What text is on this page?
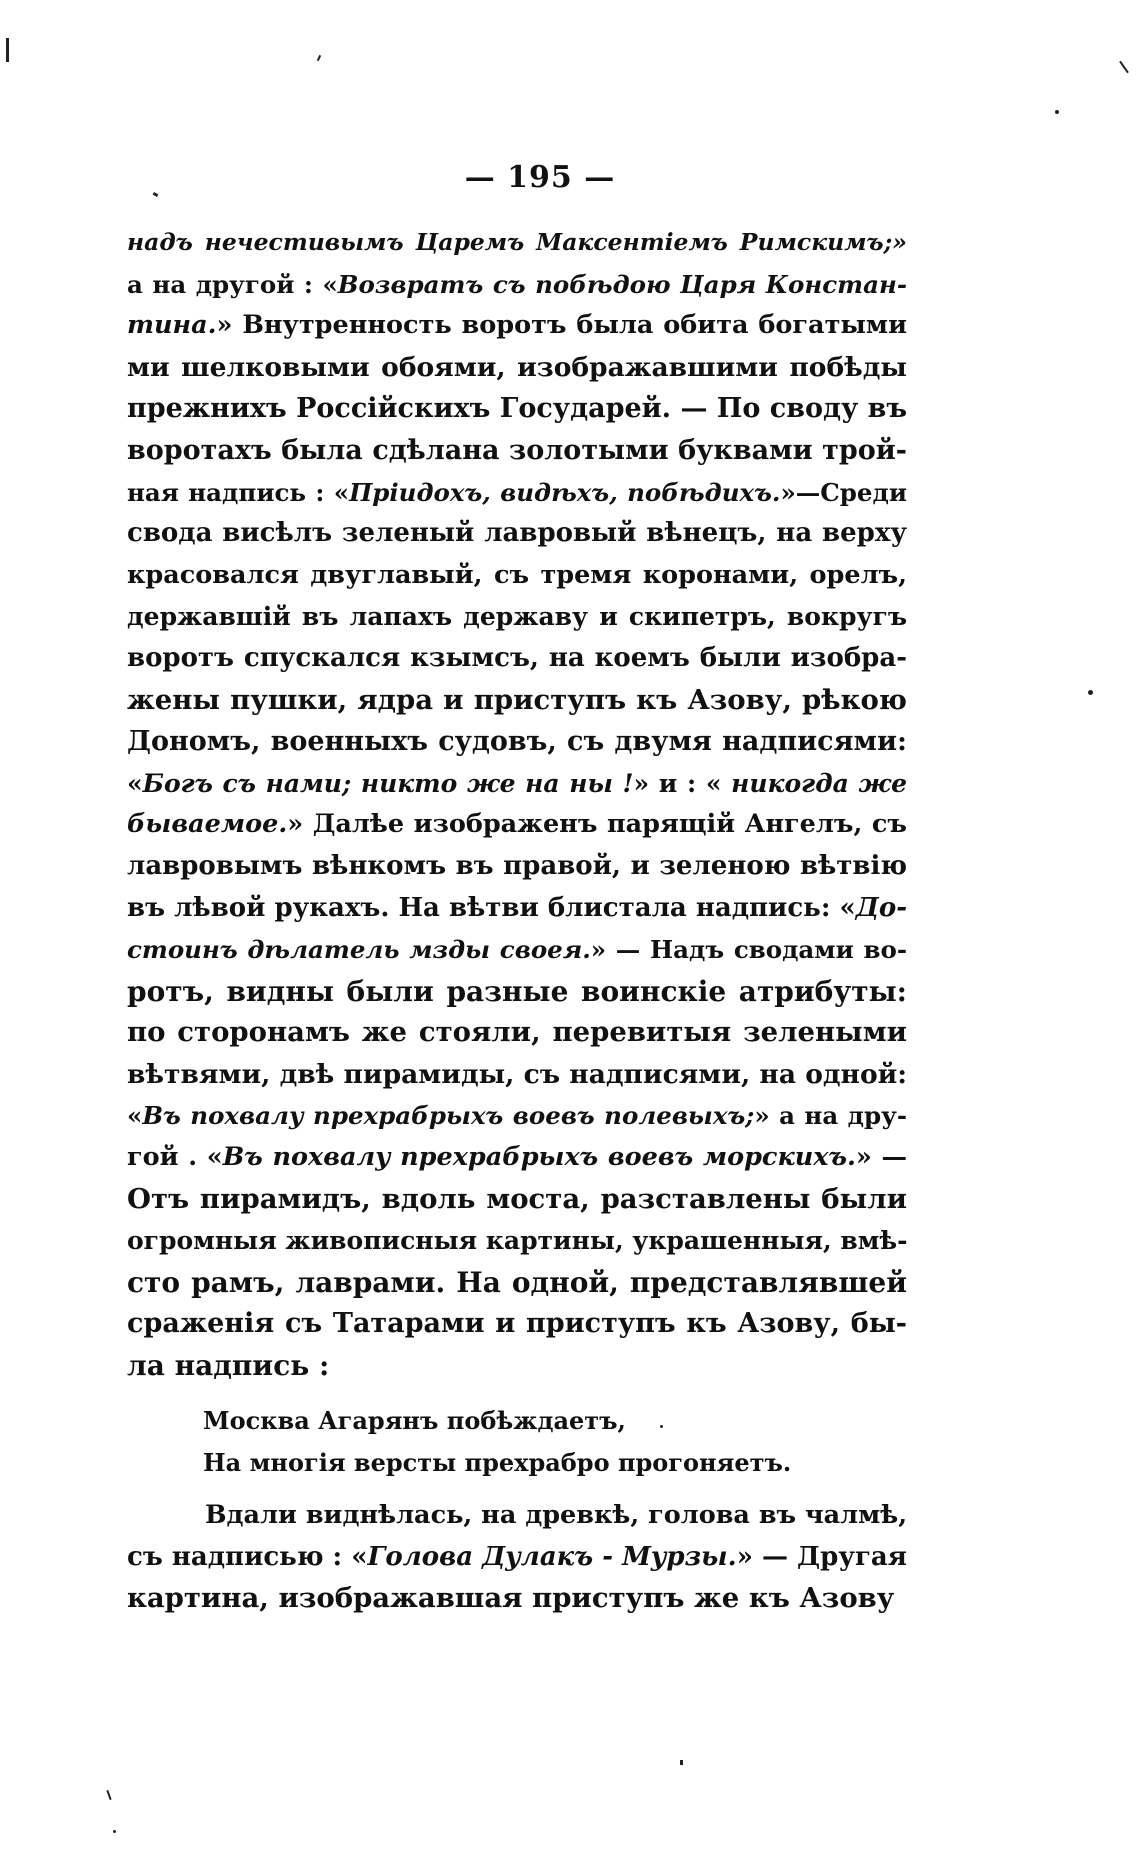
— 195 —
надъ нечестивымъ Царемъ Максентіемъ Римскимъ;»
а на другой : «Возвратъ съ побѣдою Царя Констан-
тина.» Внутренность воротъ была обита богатыми
ми шелковыми обоями, изображавшими побѣды
прежнихъ Россійскихъ Государей. — По своду въ
воротахъ была сдѣлана золотыми буквами трой-
ная надпись : «Пріидохъ, видѣхъ, побѣдихъ.»—Среди
свода висѣлъ зеленый лавровый вѣнецъ, на верху
красовался двуглавый, съ тремя коронами, орелъ,
державшій въ лапахъ державу и скипетръ, вокругъ
воротъ спускался кзымсъ, на коемъ были изобра-
жены пушки, ядра и приступъ къ Азову, рѣкою
Дономъ, военныхъ судовъ, съ двумя надписями:
«Богъ съ нами; никто же на ны !» и : « никогда же
бываемое.» Далѣе изображенъ парящій Ангелъ, съ
лавровымъ вѣнкомъ въ правой, и зеленою вѣтвію
въ лѣвой рукахъ. На вѣтви блистала надпись: «До-
стоинъ дѣлатель мзды своея.» — Надъ сводами во-
ротъ, видны были разные воинскіе атрибуты:
по сторонамъ же стояли, перевитыя зелеными
вѣтвями, двѣ пирамиды, съ надписями, на одной:
«Въ похвалу прехрабрыхъ воевъ полевыхъ;» а на дру-
гой . «Въ похвалу прехрабрыхъ воевъ морскихъ.» —
Отъ пирамидъ, вдоль моста, разставлены были
огромныя живописныя картины, украшенныя, вмѣ-
сто рамъ, лаврами. На одной, представлявшей
сраженія съ Татарами и приступъ къ Азову, бы-
ла надпись :
Москва Агарянъ побѣждаетъ,
На многія версты прехрабро прогоняетъ.
Вдали виднѣлась, на древкѣ, голова въ чалмѣ,
съ надписью : «Голова Дулакъ - Мурзы.» — Другая
картина, изображавшая приступъ же къ Азову
